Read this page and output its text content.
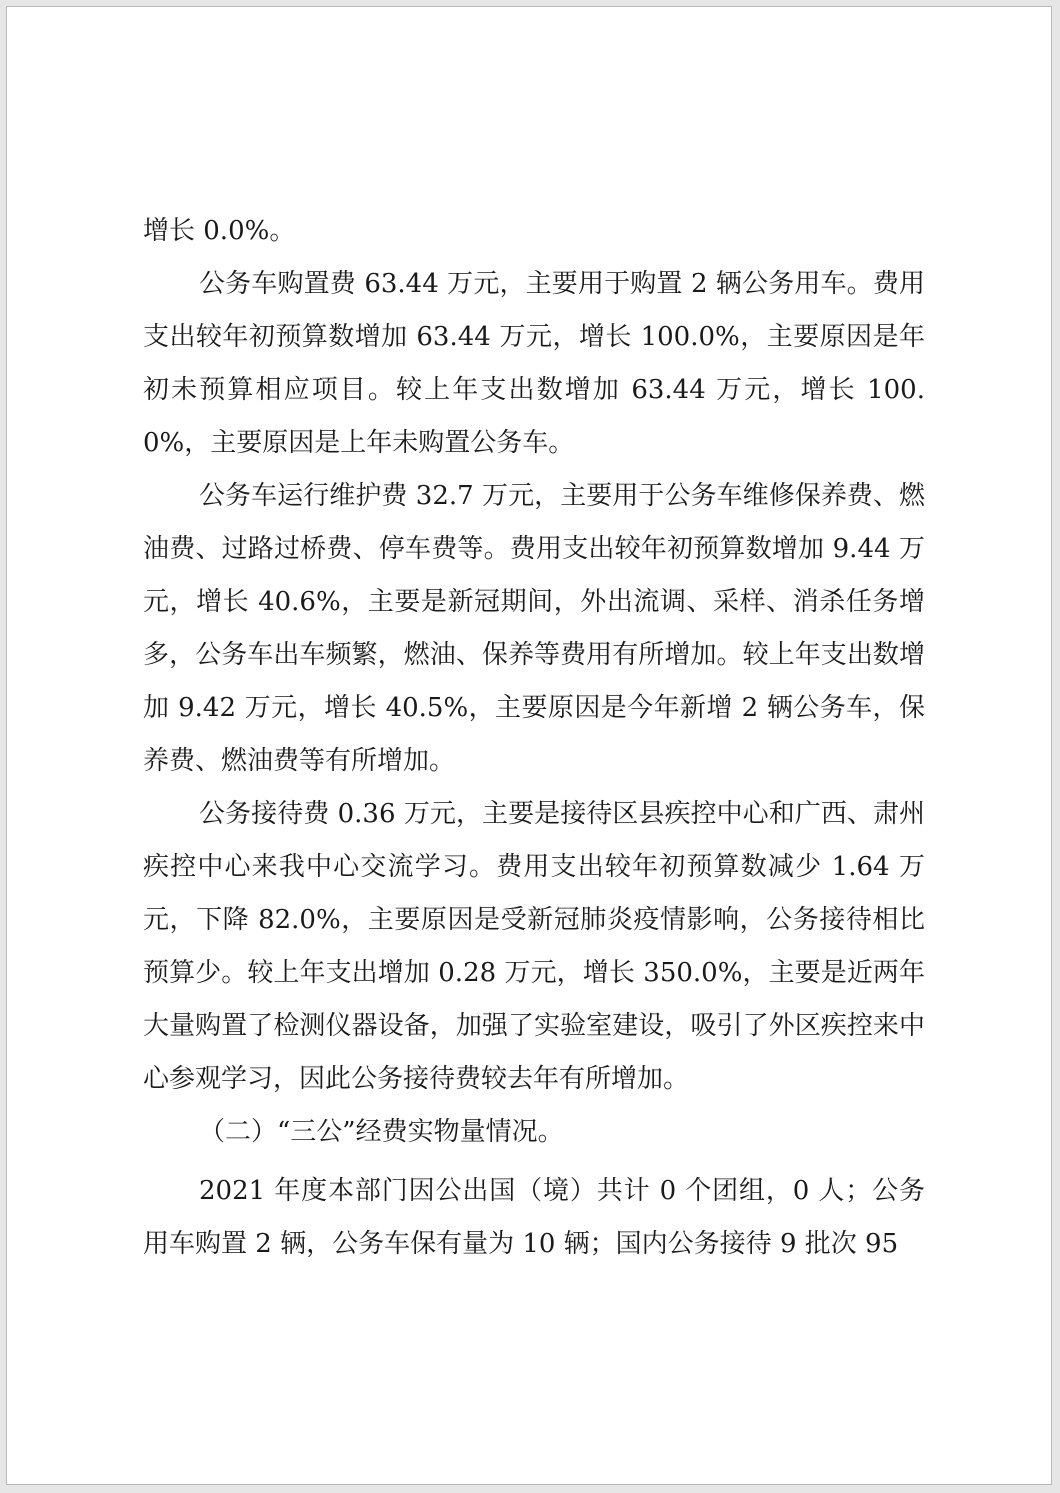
增长 0.0%。

公务车购置费 63.44 万元，主要用于购置 2 辆公务用车。费用支出较年初预算数增加 63.44 万元，增长 100.0%，主要原因是年初未预算相应项目。较上年支出数增加 63.44 万元，增长 100.0%，主要原因是上年未购置公务车。

公务车运行维护费 32.7 万元，主要用于公务车维修保养费、燃油费、过路过桥费、停车费等。费用支出较年初预算数增加 9.44 万元，增长 40.6%，主要是新冠期间，外出流调、采样、消杀任务增多，公务车出车频繁，燃油、保养等费用有所增加。较上年支出数增加 9.42 万元，增长 40.5%，主要原因是今年新增 2 辆公务车，保养费、燃油费等有所增加。

公务接待费 0.36 万元，主要是接待区县疾控中心和广西、肃州疾控中心来我中心交流学习。费用支出较年初预算数减少 1.64 万元，下降 82.0%，主要原因是受新冠肺炎疫情影响，公务接待相比预算少。较上年支出增加 0.28 万元，增长 350.0%，主要是近两年大量购置了检测仪器设备，加强了实验室建设，吸引了外区疾控来中心参观学习，因此公务接待费较去年有所增加。

（二）“三公”经费实物量情况。

2021 年度本部门因公出国（境）共计 0 个团组，0 人；公务用车购置 2 辆，公务车保有量为 10 辆；国内公务接待 9 批次 95
